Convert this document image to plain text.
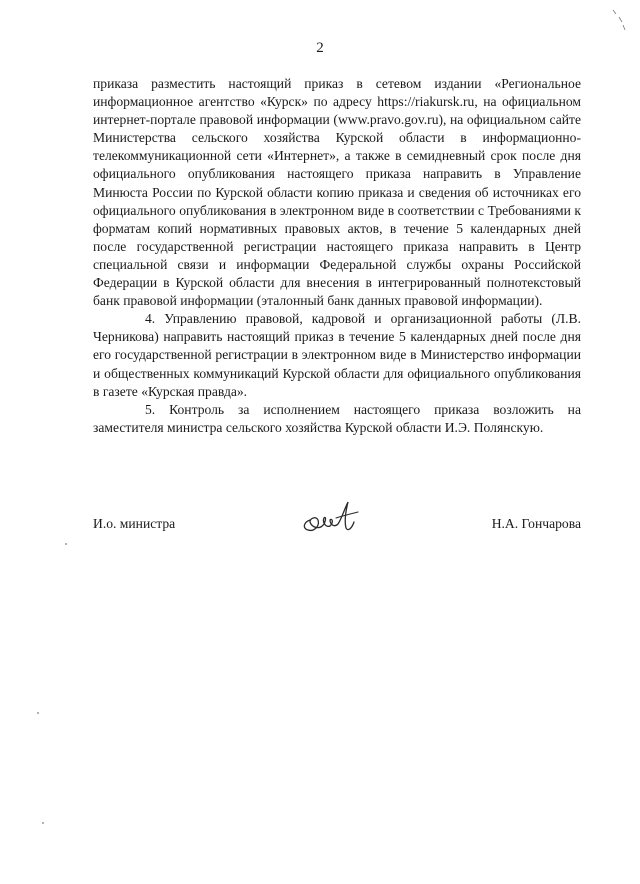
2

приказа разместить настоящий приказ в сетевом издании «Региональное информационное агентство «Курск» по адресу https://riakursk.ru, на официальном интернет-портале правовой информации (www.pravo.gov.ru), на официальном сайте Министерства сельского хозяйства Курской области в информационно-телекоммуникационной сети «Интернет», а также в семидневный срок после дня официального опубликования настоящего приказа направить в Управление Минюста России по Курской области копию приказа и сведения об источниках его официального опубликования в электронном виде в соответствии с Требованиями к форматам копий нормативных правовых актов, в течение 5 календарных дней после государственной регистрации настоящего приказа направить в Центр специальной связи и информации Федеральной службы охраны Российской Федерации в Курской области для внесения в интегрированный полнотекстовый банк правовой информации (эталонный банк данных правовой информации).

4. Управлению правовой, кадровой и организационной работы (Л.В. Черникова) направить настоящий приказ в течение 5 календарных дней после дня его государственной регистрации в электронном виде в Министерство информации и общественных коммуникаций Курской области для официального опубликования в газете «Курская правда».

5. Контроль за исполнением настоящего приказа возложить на заместителя министра сельского хозяйства Курской области И.Э. Полянскую.

И.о. министра	Н.А. Гончарова
